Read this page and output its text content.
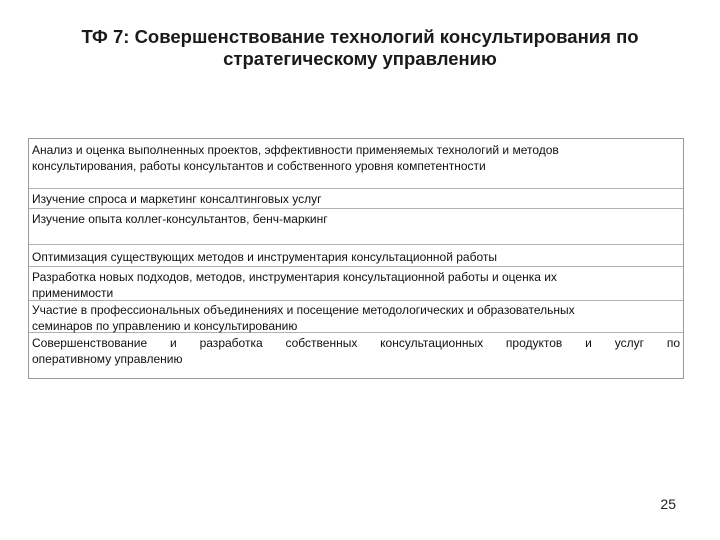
ТФ 7: Совершенствование технологий консультирования по
стратегическому управлению
Анализ и оценка выполненных проектов, эффективности применяемых технологий и методов
консультирования, работы консультантов и собственного уровня компетентности
Изучение спроса и маркетинг консалтинговых услуг
Изучение опыта коллег-консультантов, бенч-маркинг
Оптимизация существующих методов и инструментария консультационной работы
Разработка новых подходов, методов, инструментария консультационной работы и оценка их
применимости
Участие в профессиональных объединениях и посещение методологических и образовательных
семинаров по управлению и консультированию
Совершенствование и разработка собственных консультационных продуктов и услуг по
оперативному управлению
25
